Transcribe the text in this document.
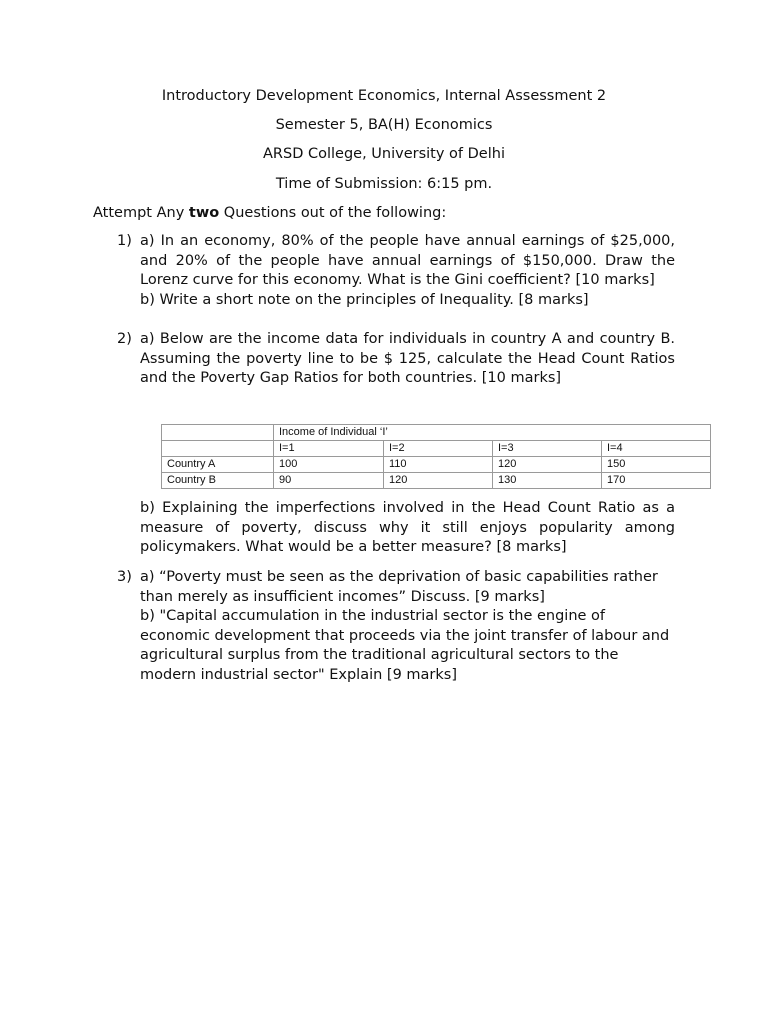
Introductory Development Economics, Internal Assessment 2
Semester 5, BA(H) Economics
ARSD College, University of Delhi
Time of Submission: 6:15 pm.
Attempt Any two Questions out of the following:
1) a) In an economy, 80% of the people have annual earnings of $25,000, and 20% of the people have annual earnings of $150,000. Draw the Lorenz curve for this economy. What is the Gini coefficient? [10 marks]

b) Write a short note on the principles of Inequality. [8 marks]

2) a) Below are the income data for individuals in country A and country B. Assuming the poverty line to be $ 125, calculate the Head Count Ratios and the Poverty Gap Ratios for both countries. [10 marks]

	Income of Individual ‘I’			
	I=1	I=2	I=3	I=4
Country A	100	110	120	150
Country B	90	120	130	170

b) Explaining the imperfections involved in the Head Count Ratio as a measure of poverty, discuss why it still enjoys popularity among policymakers. What would be a better measure? [8 marks]

3) a) “Poverty must be seen as the deprivation of basic capabilities rather than merely as insufficient incomes” Discuss. [9 marks]

b) "Capital accumulation in the industrial sector is the engine of economic development that proceeds via the joint transfer of labour and agricultural surplus from the traditional agricultural sectors to the modern industrial sector" Explain [9 marks]
